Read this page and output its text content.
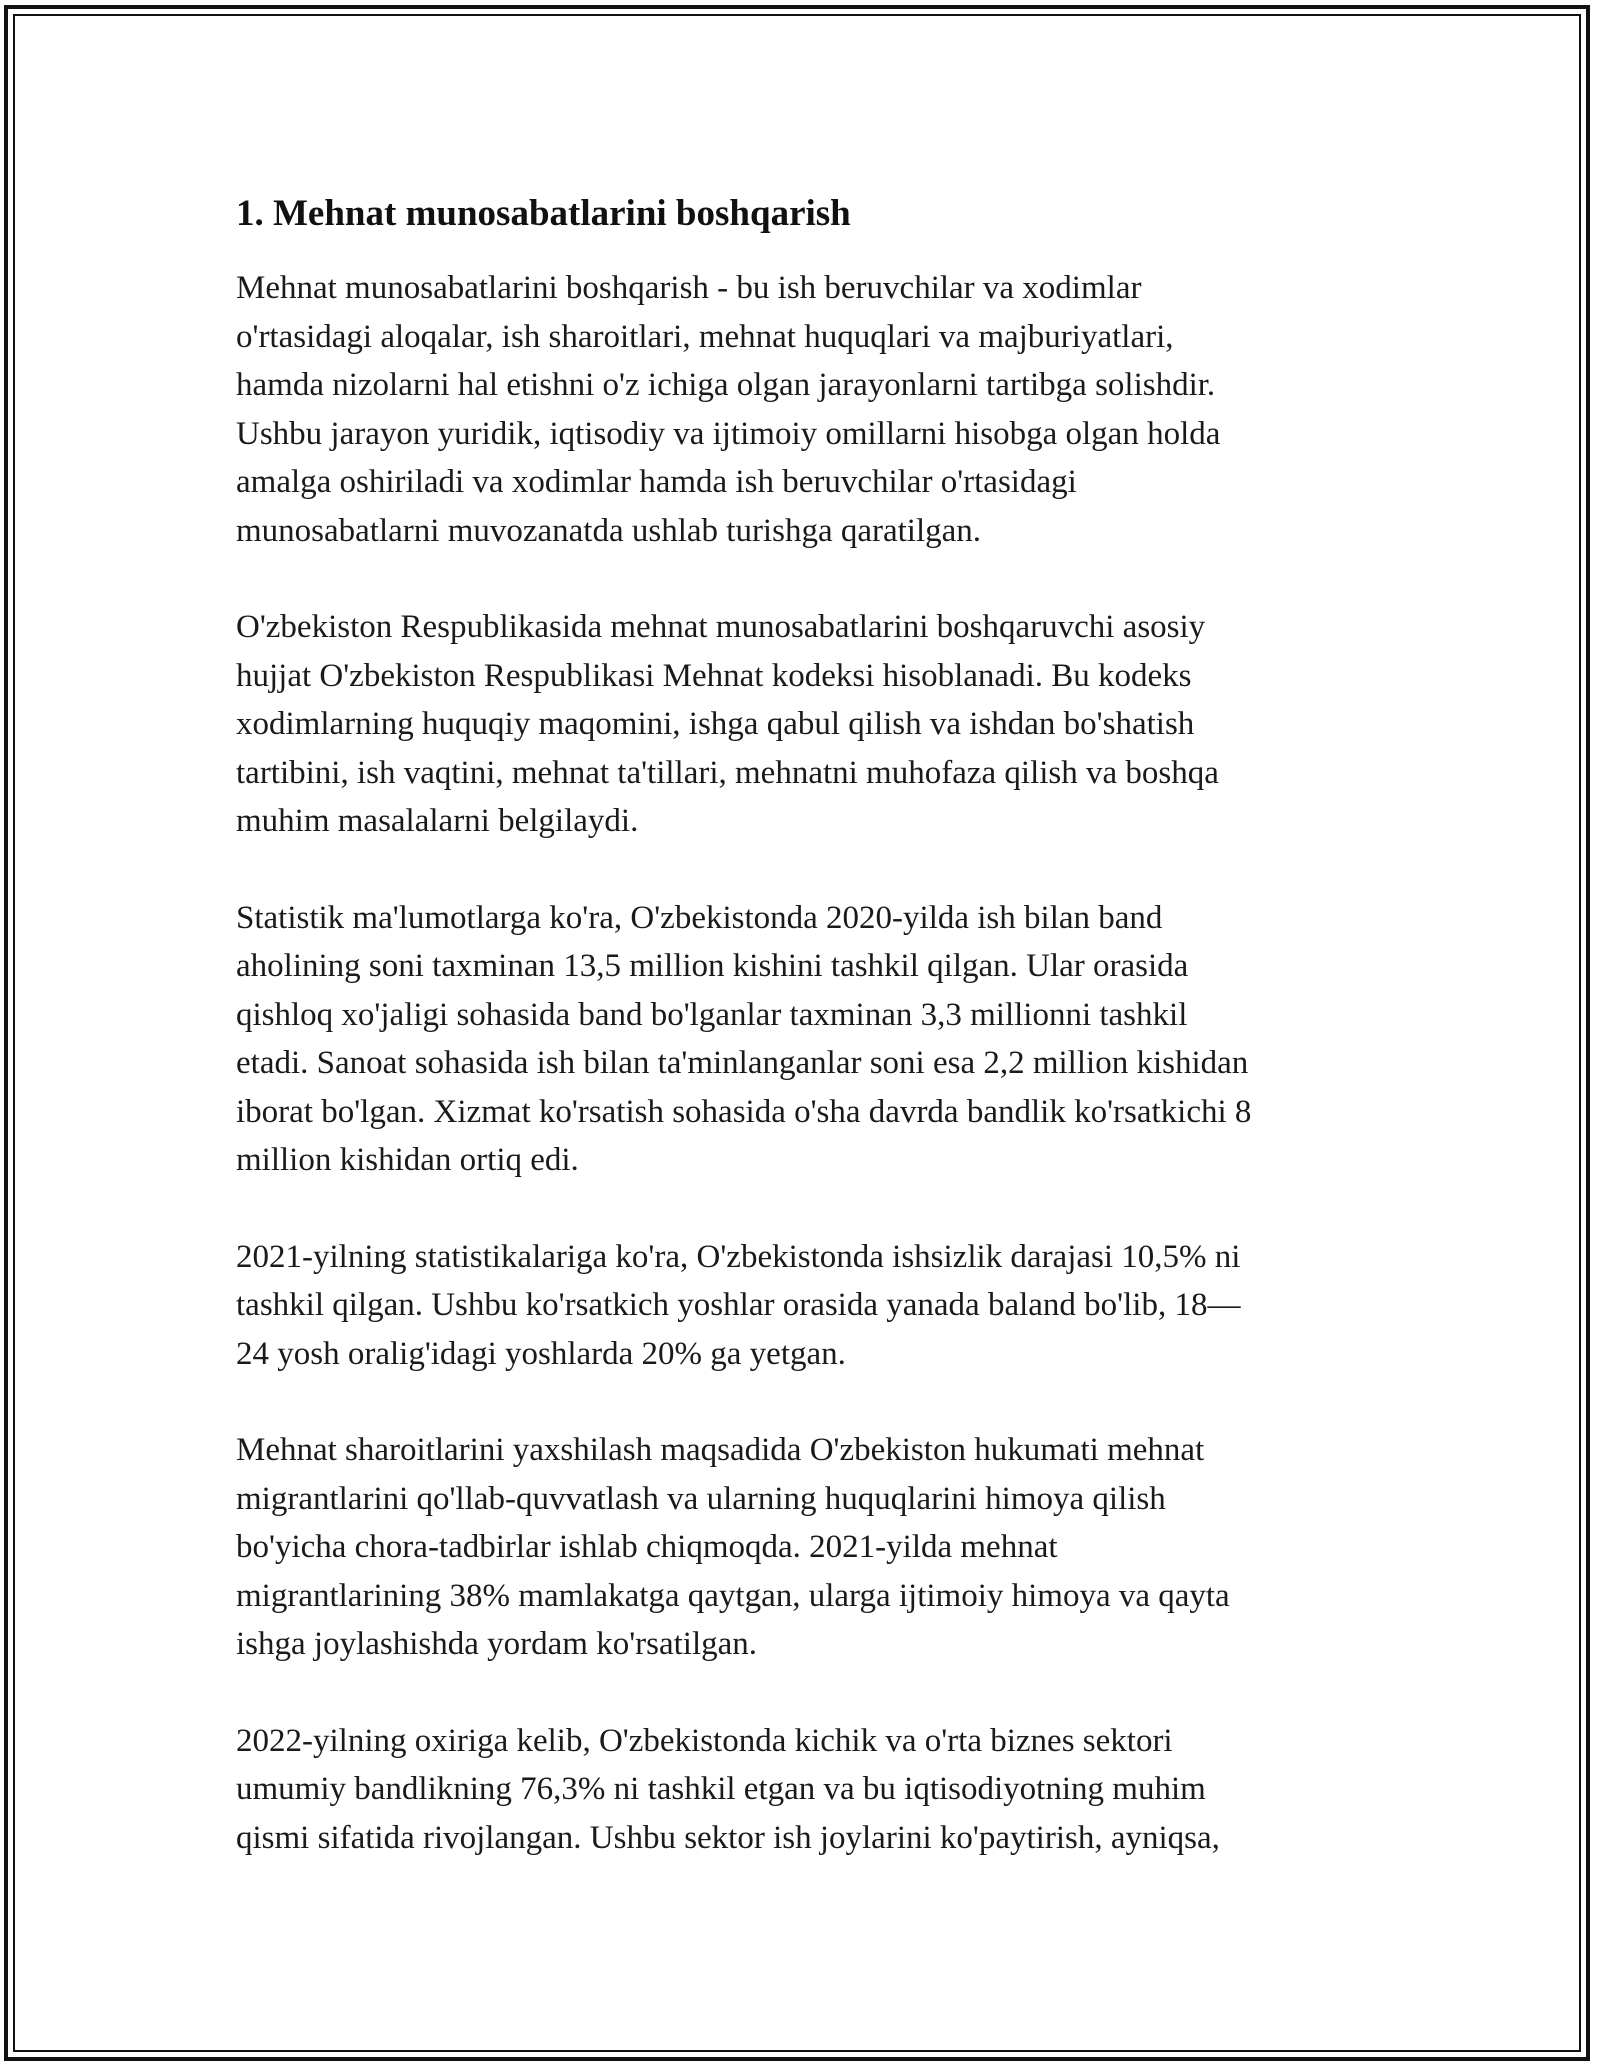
1. Mehnat munosabatlarini boshqarish

Mehnat munosabatlarini boshqarish - bu ish beruvchilar va xodimlar
o'rtasidagi aloqalar, ish sharoitlari, mehnat huquqlari va majburiyatlari,
hamda nizolarni hal etishni o'z ichiga olgan jarayonlarni tartibga solishdir.
Ushbu jarayon yuridik, iqtisodiy va ijtimoiy omillarni hisobga olgan holda
amalga oshiriladi va xodimlar hamda ish beruvchilar o'rtasidagi
munosabatlarni muvozanatda ushlab turishga qaratilgan.

O'zbekiston Respublikasida mehnat munosabatlarini boshqaruvchi asosiy
hujjat O'zbekiston Respublikasi Mehnat kodeksi hisoblanadi. Bu kodeks
xodimlarning huquqiy maqomini, ishga qabul qilish va ishdan bo'shatish
tartibini, ish vaqtini, mehnat ta'tillari, mehnatni muhofaza qilish va boshqa
muhim masalalarni belgilaydi.

Statistik ma'lumotlarga ko'ra, O'zbekistonda 2020-yilda ish bilan band
aholining soni taxminan 13,5 million kishini tashkil qilgan. Ular orasida
qishloq xo'jaligi sohasida band bo'lganlar taxminan 3,3 millionni tashkil
etadi. Sanoat sohasida ish bilan ta'minlanganlar soni esa 2,2 million kishidan
iborat bo'lgan. Xizmat ko'rsatish sohasida o'sha davrda bandlik ko'rsatkichi 8
million kishidan ortiq edi.

2021-yilning statistikalariga ko'ra, O'zbekistonda ishsizlik darajasi 10,5% ni
tashkil qilgan. Ushbu ko'rsatkich yoshlar orasida yanada baland bo'lib, 18—
24 yosh oralig'idagi yoshlarda 20% ga yetgan.

Mehnat sharoitlarini yaxshilash maqsadida O'zbekiston hukumati mehnat
migrantlarini qo'llab-quvvatlash va ularning huquqlarini himoya qilish
bo'yicha chora-tadbirlar ishlab chiqmoqda. 2021-yilda mehnat
migrantlarining 38% mamlakatga qaytgan, ularga ijtimoiy himoya va qayta
ishga joylashishda yordam ko'rsatilgan.

2022-yilning oxiriga kelib, O'zbekistonda kichik va o'rta biznes sektori
umumiy bandlikning 76,3% ni tashkil etgan va bu iqtisodiyotning muhim
qismi sifatida rivojlangan. Ushbu sektor ish joylarini ko'paytirish, ayniqsa,
